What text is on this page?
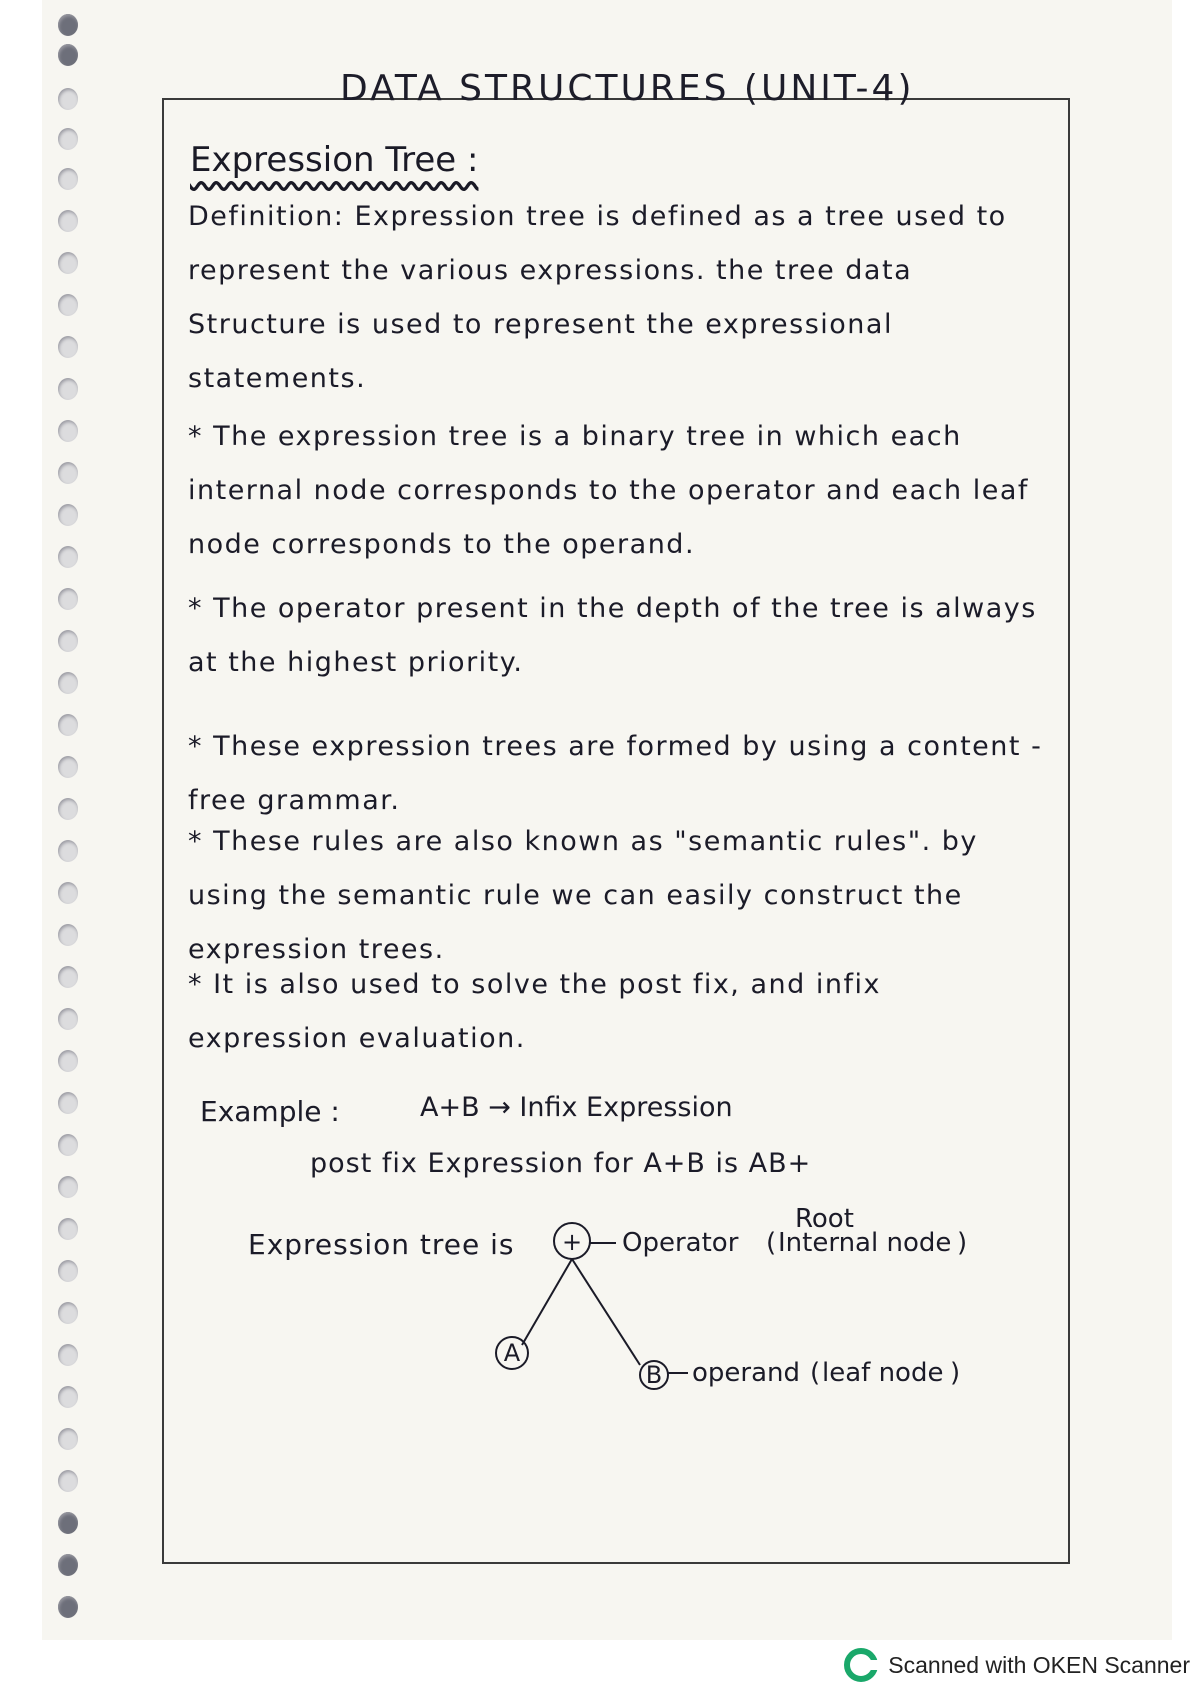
DATA STRUCTURES (UNIT-4)
Expression Tree :
Definition: Expression tree is defined as a tree used to represent the various expressions. the tree data Structure is used to represent the expressional statements.
* The expression tree is a binary tree in which each internal node corresponds to the operator and each leaf node corresponds to the operand.
* The operator present in the depth of the tree is always at the highest priority.
* These expression trees are formed by using a content - free grammar.
* These rules are also known as "semantic rules". by using the semantic rule we can easily construct the expression trees.
* It is also used to solve the post fix, and infix expression evaluation.
Example :	A+B → Infix Expression
post fix Expression for A+B is AB+
Expression tree is + Operator
Root
( Internal node )
A
B operand ( leaf node )
Scanned with OKEN Scanner
